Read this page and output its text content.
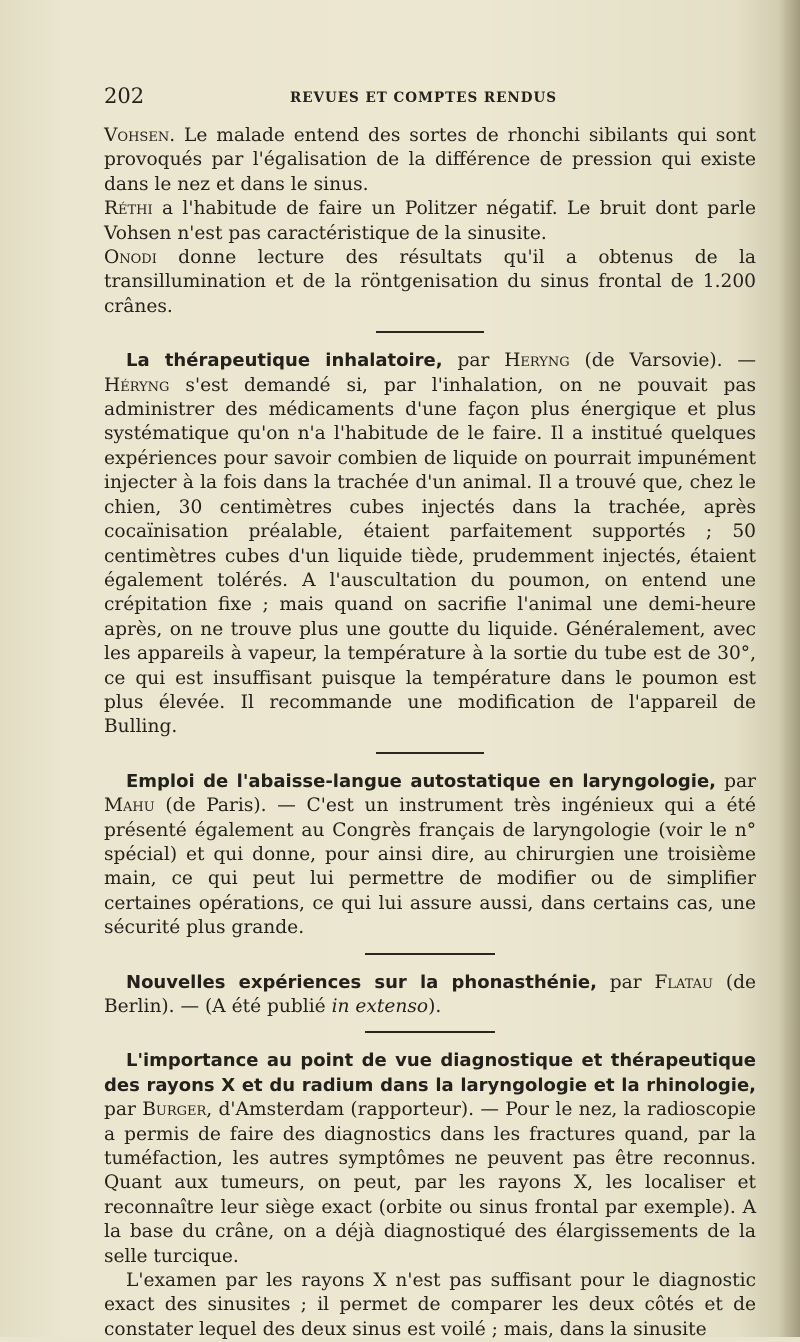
202	REVUES ET COMPTES RENDUS

Vohsen. Le malade entend des sortes de rhonchi sibilants qui sont provoqués par l'égalisation de la différence de pression qui existe dans le nez et dans le sinus.

Réthi a l'habitude de faire un Politzer négatif. Le bruit dont parle Vohsen n'est pas caractéristique de la sinusite.

Onodi donne lecture des résultats qu'il a obtenus de la transillumination et de la röntgenisation du sinus frontal de 1.200 crânes.

La thérapeutique inhalatoire, par Heryng (de Varsovie). — Héryng s'est demandé si, par l'inhalation, on ne pouvait pas administrer des médicaments d'une façon plus énergique et plus systématique qu'on n'a l'habitude de le faire. Il a institué quelques expériences pour savoir combien de liquide on pourrait impunément injecter à la fois dans la trachée d'un animal. Il a trouvé que, chez le chien, 30 centimètres cubes injectés dans la trachée, après cocaïnisation préalable, étaient parfaitement supportés ; 50 centimètres cubes d'un liquide tiède, prudemment injectés, étaient également tolérés. A l'auscultation du poumon, on entend une crépitation fixe ; mais quand on sacrifie l'animal une demi-heure après, on ne trouve plus une goutte du liquide. Généralement, avec les appareils à vapeur, la température à la sortie du tube est de 30°, ce qui est insuffisant puisque la température dans le poumon est plus élevée. Il recommande une modification de l'appareil de Bulling.

Emploi de l'abaisse-langue autostatique en laryngologie, par Mahu (de Paris). — C'est un instrument très ingénieux qui a été présenté également au Congrès français de laryngologie (voir le n° spécial) et qui donne, pour ainsi dire, au chirurgien une troisième main, ce qui peut lui permettre de modifier ou de simplifier certaines opérations, ce qui lui assure aussi, dans certains cas, une sécurité plus grande.

Nouvelles expériences sur la phonasthénie, par Flatau (de Berlin). — (A été publié in extenso).

L'importance au point de vue diagnostique et thérapeutique des rayons X et du radium dans la laryngologie et la rhinologie, par Burger, d'Amsterdam (rapporteur). — Pour le nez, la radioscopie a permis de faire des diagnostics dans les fractures quand, par la tuméfaction, les autres symptômes ne peuvent pas être reconnus. Quant aux tumeurs, on peut, par les rayons X, les localiser et reconnaître leur siège exact (orbite ou sinus frontal par exemple). A la base du crâne, on a déjà diagnostiqué des élargissements de la selle turcique.

L'examen par les rayons X n'est pas suffisant pour le diagnostic exact des sinusites ; il permet de comparer les deux côtés et de constater lequel des deux sinus est voilé ; mais, dans la sinusite
